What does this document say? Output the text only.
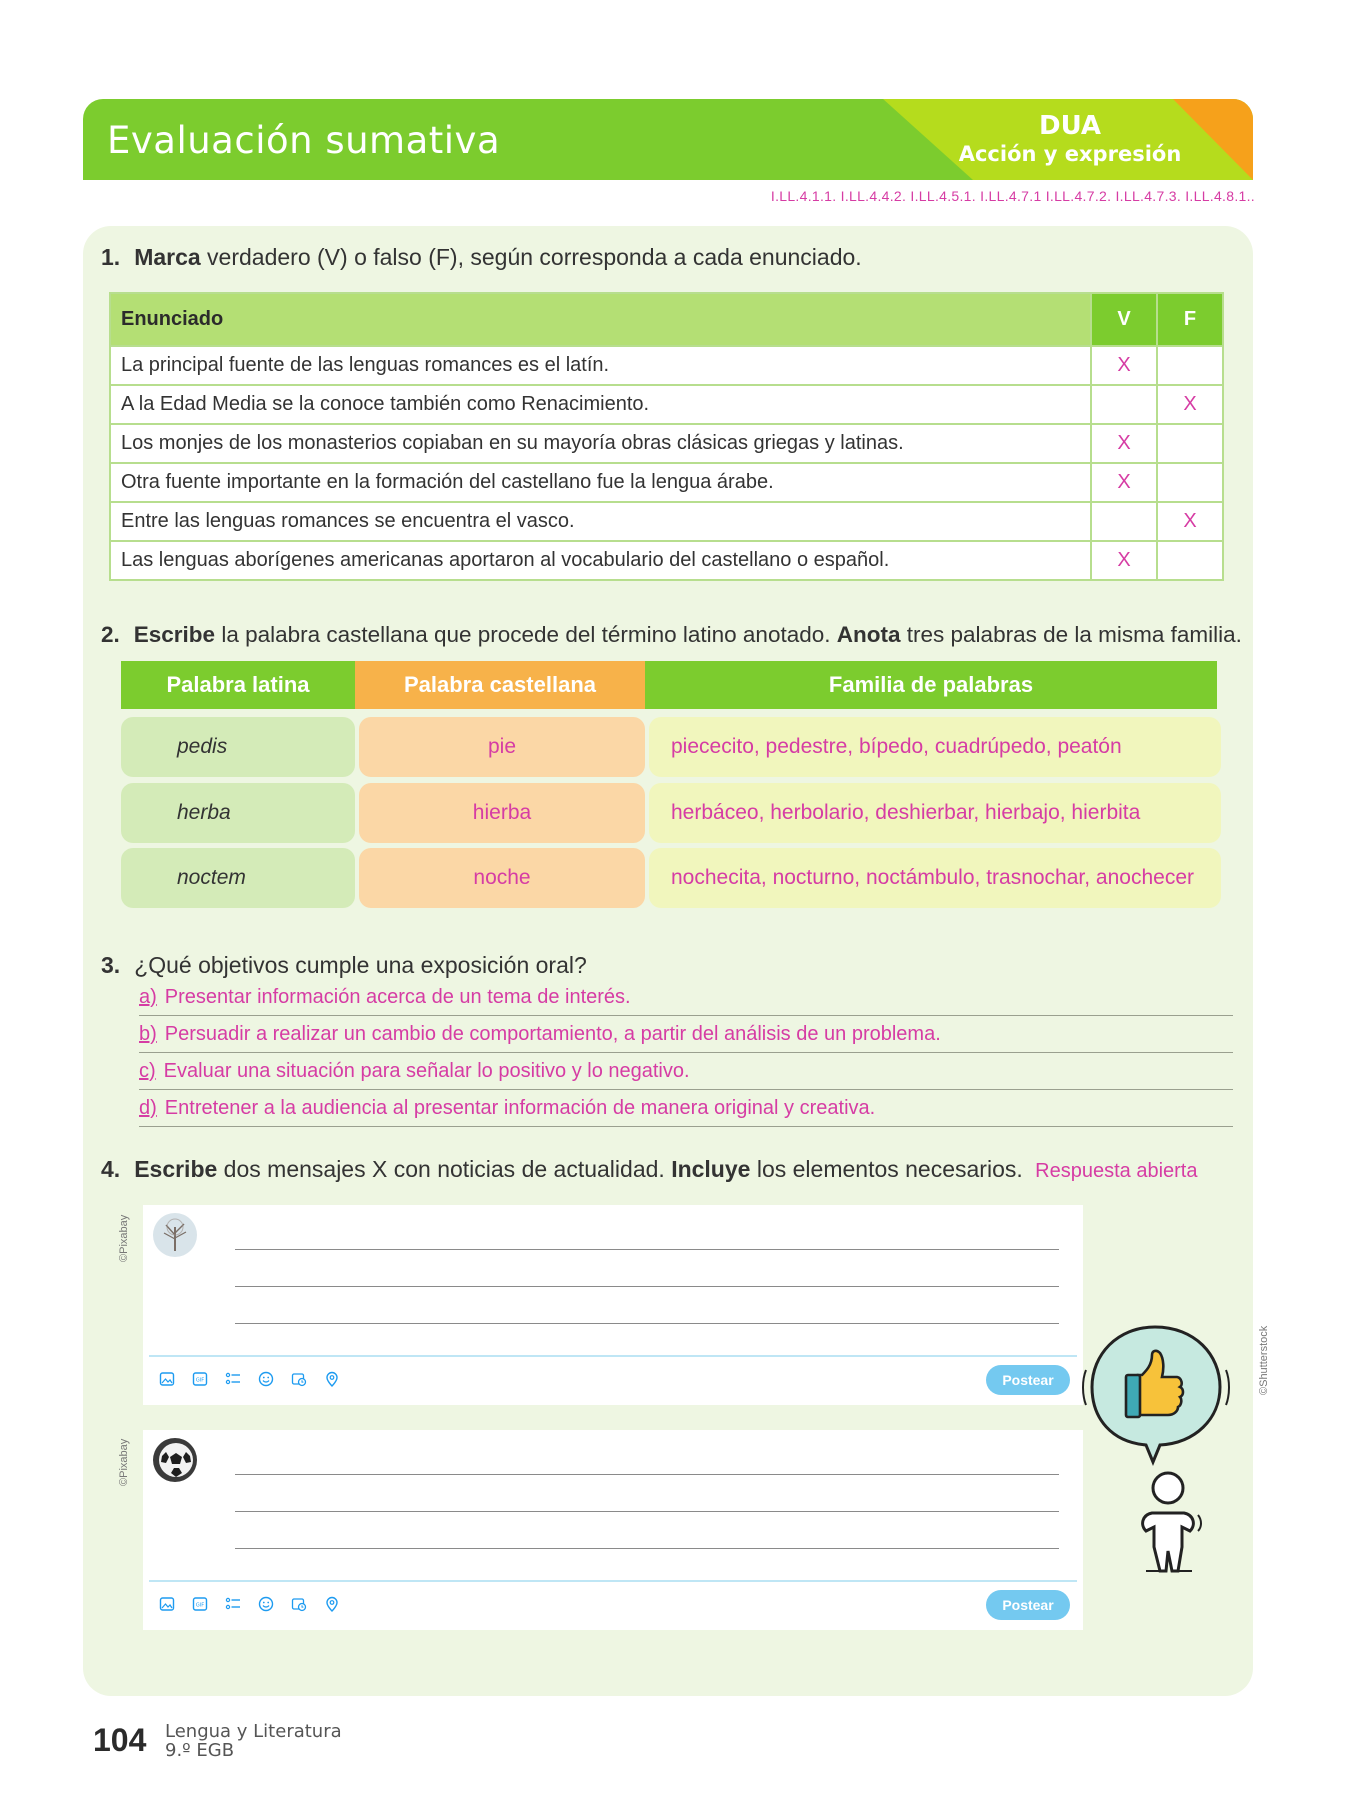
Evaluación sumativa	DUA
Acción y expresión
I.LL.4.1.1. I.LL.4.4.2. I.LL.4.5.1. I.LL.4.7.1 I.LL.4.7.2. I.LL.4.7.3. I.LL.4.8.1..
1. Marca verdadero (V) o falso (F), según corresponda a cada enunciado.
Enunciado	V	F
La principal fuente de las lenguas romances es el latín.	X	
A la Edad Media se la conoce también como Renacimiento.		X
Los monjes de los monasterios copiaban en su mayoría obras clásicas griegas y latinas.	X	
Otra fuente importante en la formación del castellano fue la lengua árabe.	X	
Entre las lenguas romances se encuentra el vasco.		X
Las lenguas aborígenes americanas aportaron al vocabulario del castellano o español.	X	
2. Escribe la palabra castellana que procede del término latino anotado. Anota tres palabras de la misma familia.
Palabra latina	Palabra castellana	Familia de palabras
pedis	pie	piececito, pedestre, bípedo, cuadrúpedo, peatón
herba	hierba	herbáceo, herbolario, deshierbar, hierbajo, hierbita
noctem	noche	nochecita, nocturno, noctámbulo, trasnochar, anochecer
3. ¿Qué objetivos cumple una exposición oral?
a) Presentar información acerca de un tema de interés.
b) Persuadir a realizar un cambio de comportamiento, a partir del análisis de un problema.
c) Evaluar una situación para señalar lo positivo y lo negativo.
d) Entretener a la audiencia al presentar información de manera original y creativa.
4. Escribe dos mensajes X con noticias de actualidad. Incluye los elementos necesarios. Respuesta abierta
©Pixabay
GIF	Postear
©Pixabay
GIF	Postear
©Shutterstock
104 Lengua y Literatura
9.º EGB
